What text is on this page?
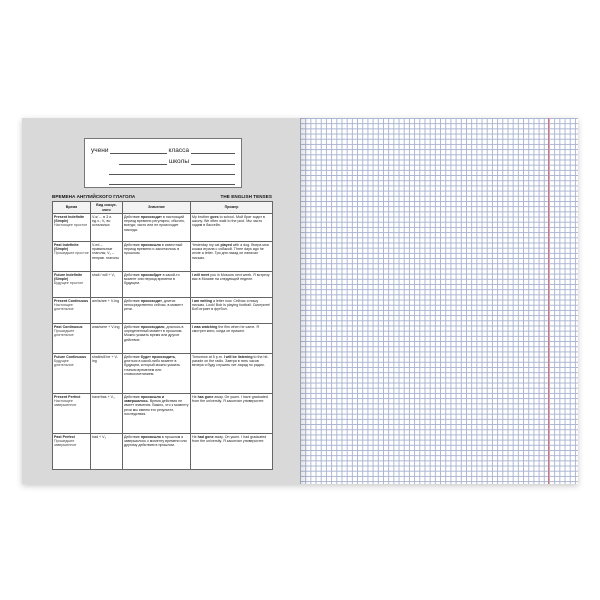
учени	класса
школы
ВРЕМЕНА АНГЛИЙСКОГО ГЛАГОЛА	THE ENGLISH TENSES
Время	Вид сказуе-мого	Значение	Пример

Present Indefinite (Simple)
Настоящее простое	V-s/ ... в 3 л. ед.ч.; V₁ во остальных	Действие происходит в настоящий период времени регулярно, обычно, всегда; часто или не происходит никогда.	My brother goes to school. Мой брат ходит в школу. We often walk to the pool. Мы часто ходим в бассейн.

Past Indefinite (Simple)
Прошедшее простое	V-ed – правильные глаголы; V₂ – неправ. глаголы	Действие произошло в известный период времени и закончилось в прошлом.	Yesterday my cat played with a dog. Вчера моя кошка играла с собакой. Three days ago he wrote a letter. Три дня назад он написал письмо.

Future Indefinite (Simple)
Будущее простое	shall / will + V₁	Действие произойдет в какой-то момент или период времени в будущем.	I will meet you in Moscow next week. Я встречу вас в Москве на следующей неделе.

Present Continuous
Настоящее длительное	am/is/are + V-ing	Действие происходит, длится непосредственно сейчас, в момент речи.	I am writing a letter now. Сейчас я пишу письмо. Look! Bob is playing football. Смотрите! Боб играет в футбол.

Past Continuous
Прошедшее длительное	was/were + V-ing	Действие происходило, длилось в определенный момент в прошлом. Можно указать время или другое действие.	I was watching the film when he came. Я смотрел кино, когда он пришел.

Future Continuous
Будущее длительное	shall/will be + V-ing	Действие будет происходить, длиться в какой-либо момент в будущем, который можно указать точным временем или словосочетанием.	Tomorrow at 5 p.m. I will be listening to the hit-parade on the radio. Завтра в пять часов вечера я буду слушать хит-парад по радио.

Present Perfect
Настоящее завершенное	have/has + V₃	Действие произошло и завершилось. Время действия не имеет значения. Важно, что к моменту речи мы имеем его результат, последствия.	He has gone away. Он ушел. I have graduated from the university. Я закончил университет.

Past Perfect
Прошедшее завершенное	had + V₃	Действие произошло в прошлом и завершилось к моменту времени или другому действию в прошлом.	He had gone away. Он ушел. I had graduated from the university. Я закончил университет.
